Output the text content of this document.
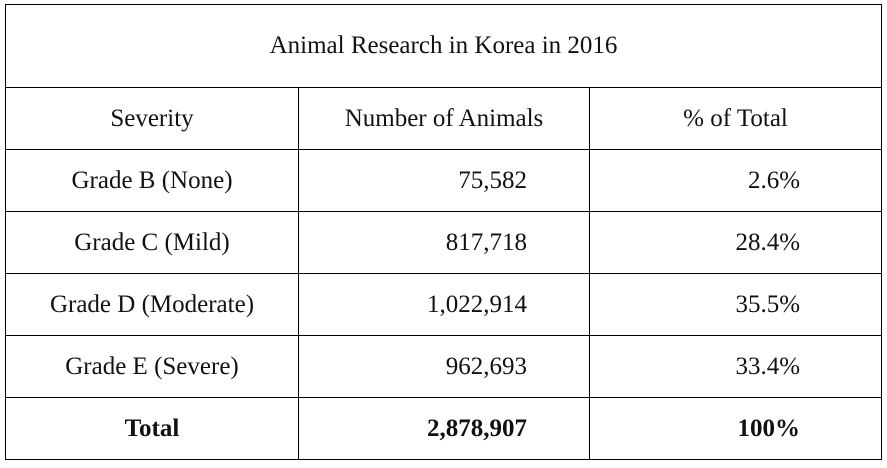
Animal Research in Korea in 2016		
Severity	Number of Animals	% of Total
Grade B (None)	75,582	2.6%
Grade C (Mild)	817,718	28.4%
Grade D (Moderate)	1,022,914	35.5%
Grade E (Severe)	962,693	33.4%
Total	2,878,907	100%
